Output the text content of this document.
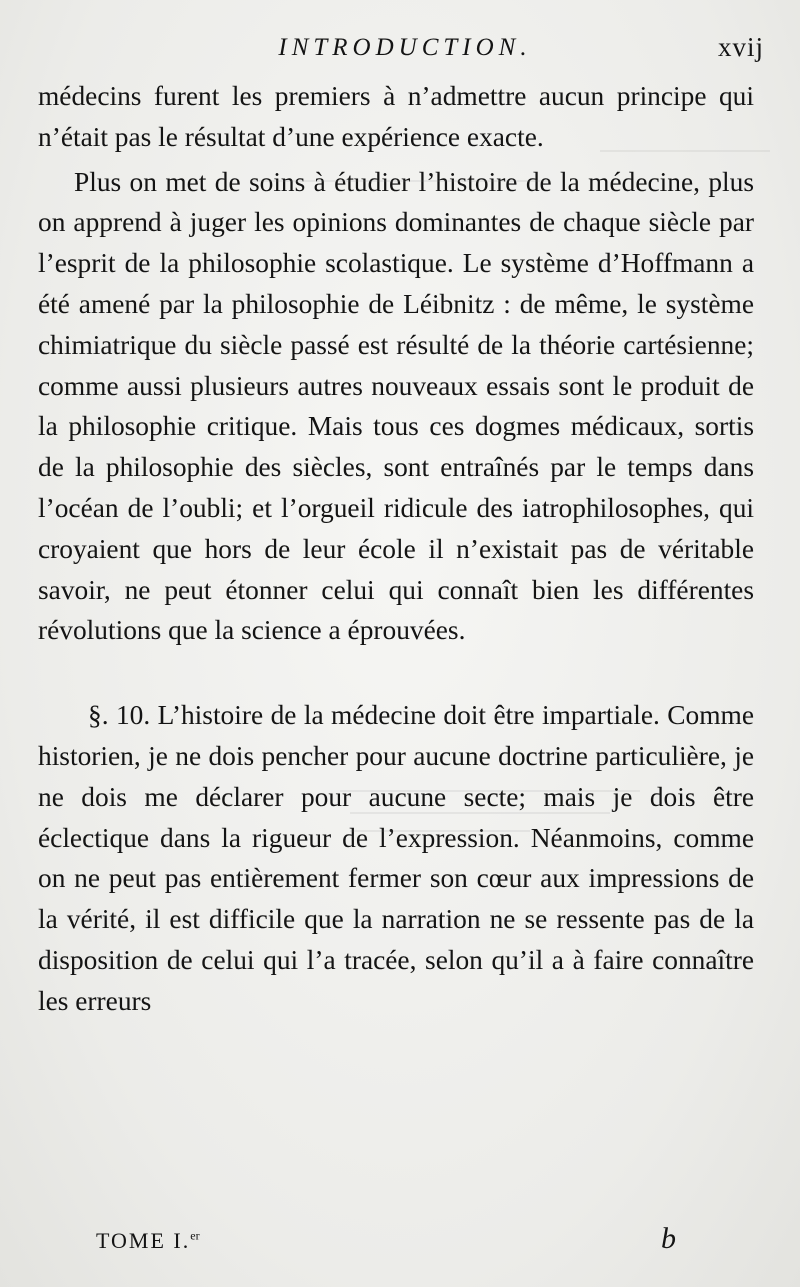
INTRODUCTION.	xvij

médecins furent les premiers à n’admettre aucun principe qui n’était pas le résultat d’une expérience exacte.

Plus on met de soins à étudier l’histoire de la médecine, plus on apprend à juger les opinions dominantes de chaque siècle par l’esprit de la philosophie scolastique. Le système d’Hoffmann a été amené par la philosophie de Léibnitz : de même, le système chimiatrique du siècle passé est résulté de la théorie cartésienne; comme aussi plusieurs autres nouveaux essais sont le produit de la philosophie critique. Mais tous ces dogmes médicaux, sortis de la philosophie des siècles, sont entraînés par le temps dans l’océan de l’oubli; et l’orgueil ridicule des iatrophilosophes, qui croyaient que hors de leur école il n’existait pas de véritable savoir, ne peut étonner celui qui connaît bien les différentes révolutions que la science a éprouvées.

§. 10. L’histoire de la médecine doit être impartiale. Comme historien, je ne dois pencher pour aucune doctrine particulière, je ne dois me déclarer pour aucune secte; mais je dois être éclectique dans la rigueur de l’expression. Néanmoins, comme on ne peut pas entièrement fermer son cœur aux impressions de la vérité, il est difficile que la narration ne se ressente pas de la disposition de celui qui l’a tracée, selon qu’il a à faire connaître les erreurs

TOME I.$^{er}$	b
